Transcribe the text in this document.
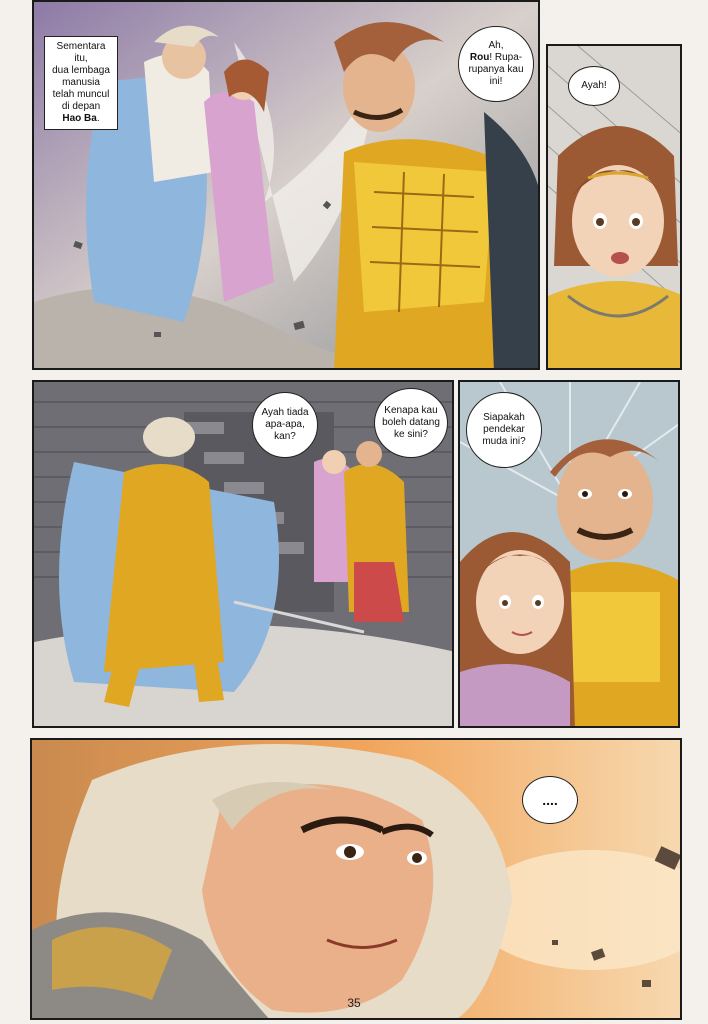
Sementara itu,
dua lembaga
manusia
telah muncul
di depan
Hao Ba.
Ah,
Rou! Rupa-rupanya kau ini!	Ayah!
Ayah tiada apa-apa, kan?
Kenapa kau boleh datang ke sini?
Siapakah pendekar muda ini?
....
35
